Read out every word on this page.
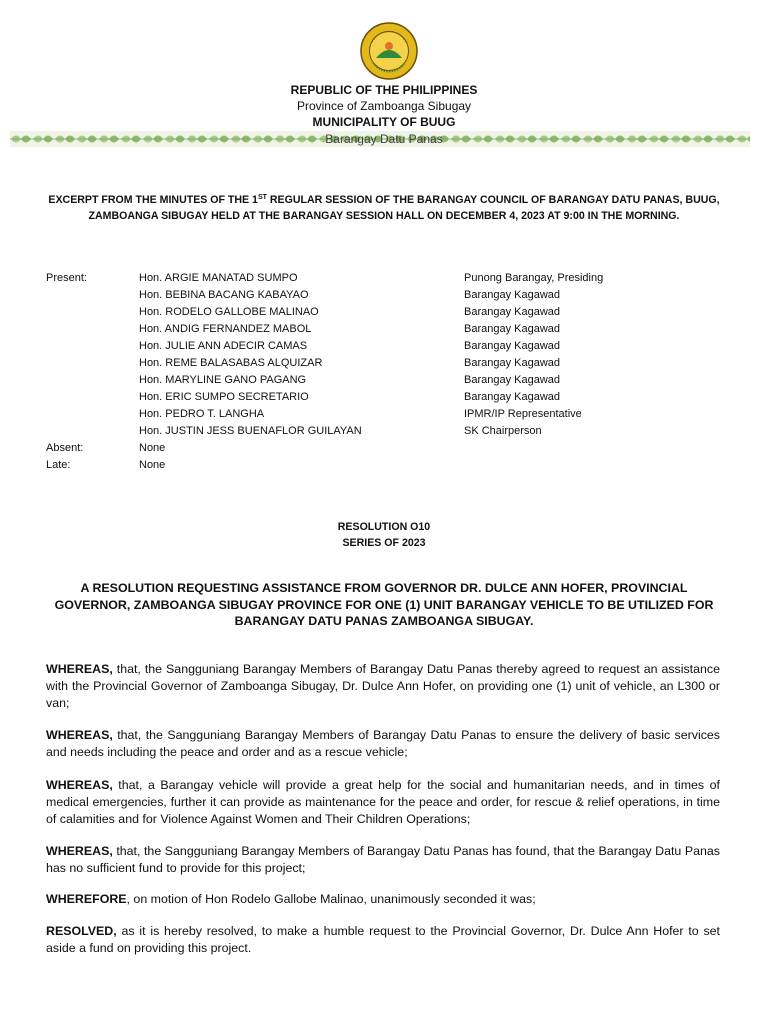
REPUBLIC OF THE PHILIPPINES
Province of Zamboanga Sibugay
MUNICIPALITY OF BUUG
Barangay Datu Panas
EXCERPT FROM THE MINUTES OF THE 1ST REGULAR SESSION OF THE BARANGAY COUNCIL OF BARANGAY DATU PANAS, BUUG, ZAMBOANGA SIBUGAY HELD AT THE BARANGAY SESSION HALL ON DECEMBER 4, 2023 AT 9:00 IN THE MORNING.
Present:	Hon. ARGIE MANATAD SUMPO	Punong Barangay, Presiding
Hon. BEBINA BACANG KABAYAO	Barangay Kagawad
Hon. RODELO GALLOBE MALINAO	Barangay Kagawad
Hon. ANDIG FERNANDEZ MABOL	Barangay Kagawad
Hon. JULIE ANN ADECIR CAMAS	Barangay Kagawad
Hon. REME BALASABAS ALQUIZAR	Barangay Kagawad
Hon. MARYLINE GANO PAGANG	Barangay Kagawad
Hon. ERIC SUMPO SECRETARIO	Barangay Kagawad
Hon. PEDRO T. LANGHA	IPMR/IP Representative
Hon. JUSTIN JESS BUENAFLOR GUILAYAN	SK Chairperson
Absent:	None
Late:	None
RESOLUTION O10
SERIES OF 2023
A RESOLUTION REQUESTING ASSISTANCE FROM GOVERNOR DR. DULCE ANN HOFER, PROVINCIAL GOVERNOR, ZAMBOANGA SIBUGAY PROVINCE FOR ONE (1) UNIT BARANGAY VEHICLE TO BE UTILIZED FOR BARANGAY DATU PANAS ZAMBOANGA SIBUGAY.
WHEREAS, that, the Sangguniang Barangay Members of Barangay Datu Panas thereby agreed to request an assistance with the Provincial Governor of Zamboanga Sibugay, Dr. Dulce Ann Hofer, on providing one (1) unit of vehicle, an L300 or van;
WHEREAS, that, the Sangguniang Barangay Members of Barangay Datu Panas to ensure the delivery of basic services and needs including the peace and order and as a rescue vehicle;
WHEREAS, that, a Barangay vehicle will provide a great help for the social and humanitarian needs, and in times of medical emergencies, further it can provide as maintenance for the peace and order, for rescue & relief operations, in time of calamities and for Violence Against Women and Their Children Operations;
WHEREAS, that, the Sangguniang Barangay Members of Barangay Datu Panas has found, that the Barangay Datu Panas has no sufficient fund to provide for this project;
WHEREFORE, on motion of Hon Rodelo Gallobe Malinao, unanimously seconded it was;
RESOLVED, as it is hereby resolved, to make a humble request to the Provincial Governor, Dr. Dulce Ann Hofer to set aside a fund on providing this project.
